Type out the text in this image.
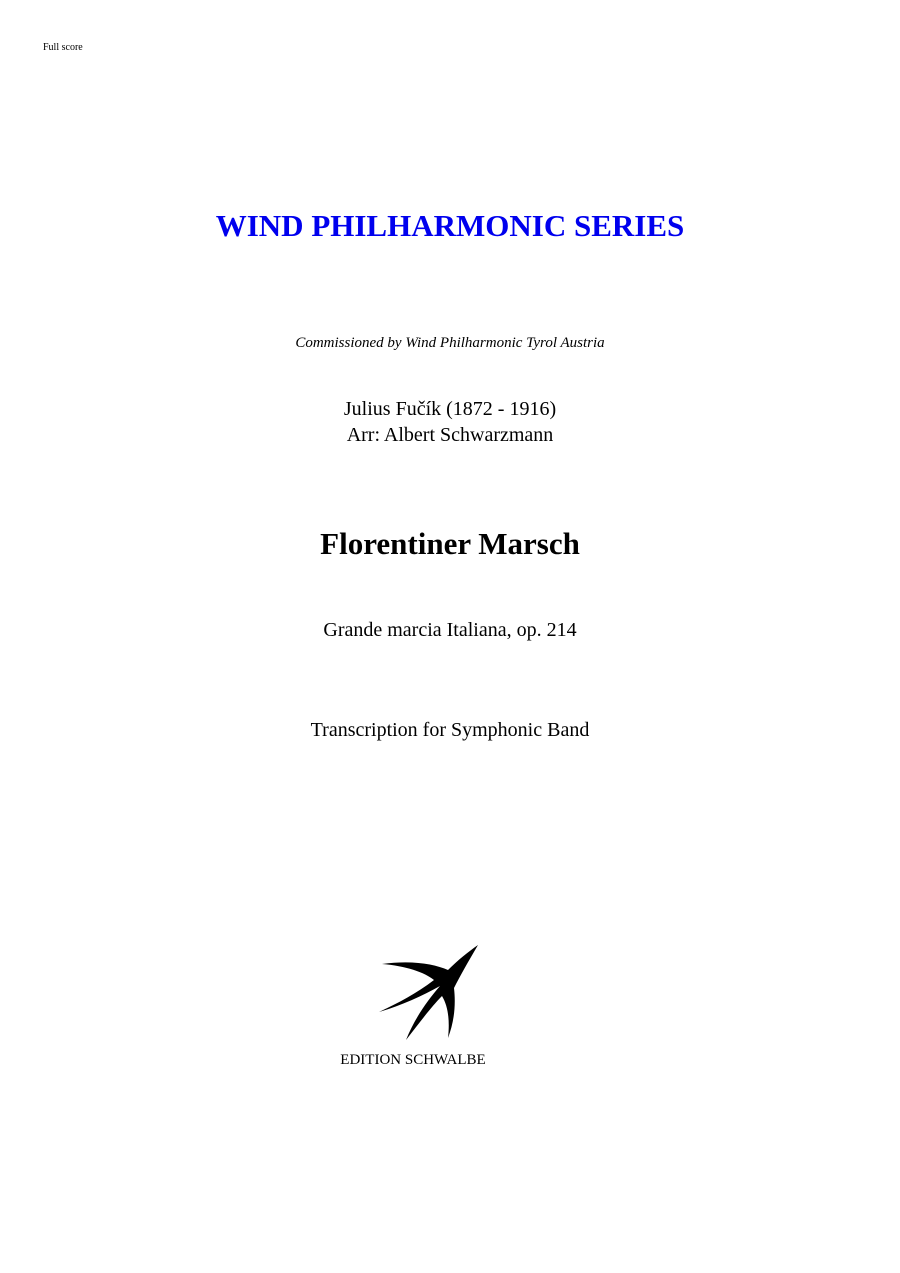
Full score
WIND PHILHARMONIC SERIES
Commissioned by Wind Philharmonic Tyrol Austria
Julius Fučík (1872 - 1916)
Arr: Albert Schwarzmann
Florentiner Marsch
Grande marcia Italiana, op. 214
Transcription for Symphonic Band
EDITION SCHWALBE
